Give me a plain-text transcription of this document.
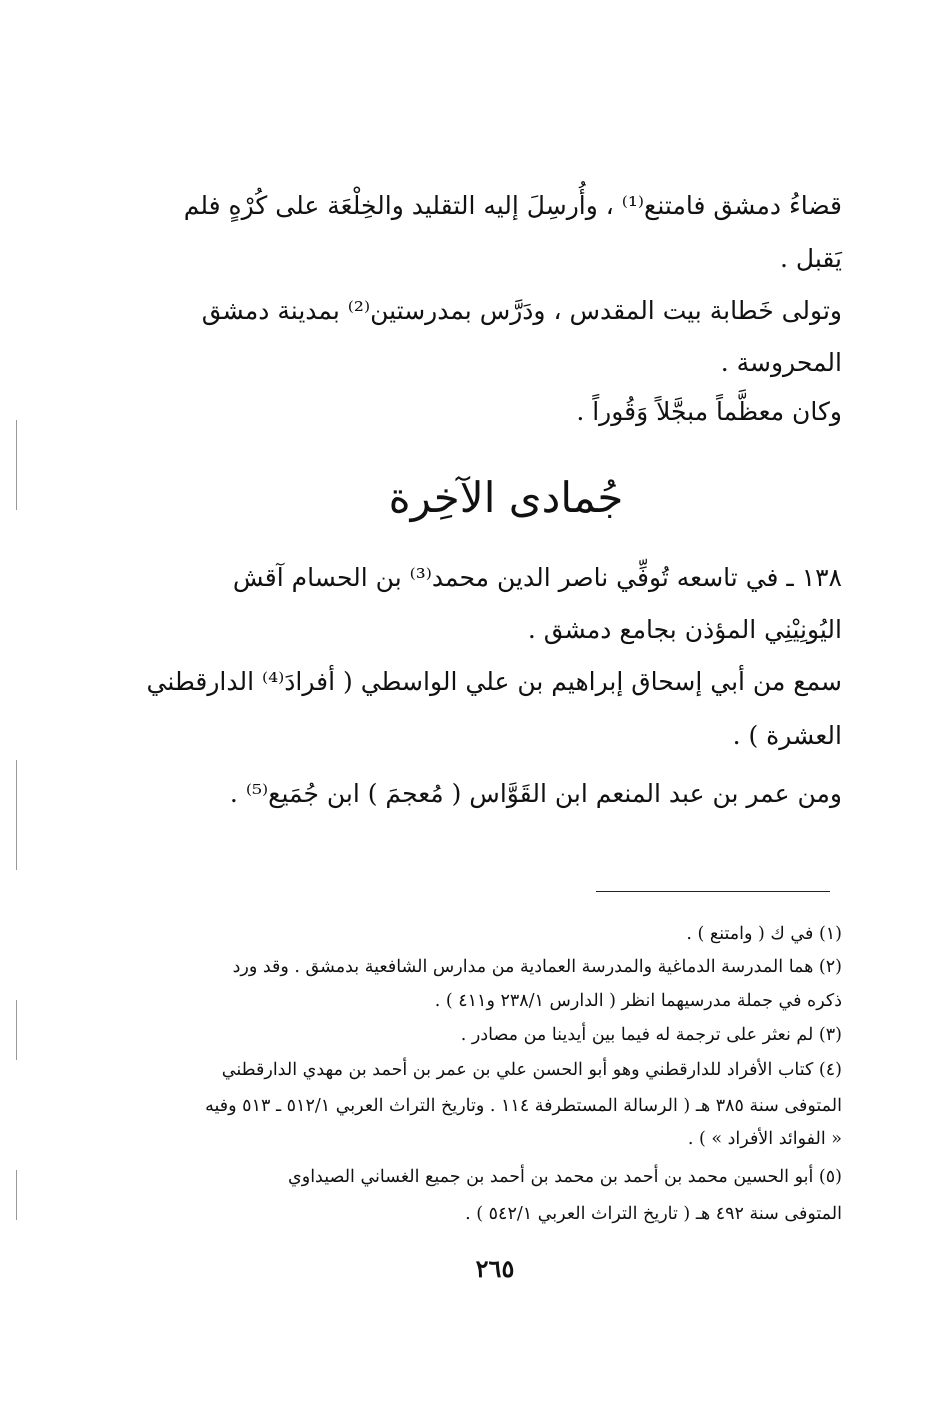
قضاءُ دمشق فامتنع⁽¹⁾ ، وأُرسِلَ إليه التقليد والخِلْعَة على كُرْهٍ فلم
يَقبل .
وتولى خَطابة بيت المقدس ، ودَرَّس بمدرستين⁽²⁾ بمدينة دمشق
المحروسة .
وكان معظَّماً مبجَّلاً وَقُوراً .
جُمادى الآخِرة
١٣٨ ـ في تاسعه تُوفِّي ناصر الدين محمد⁽³⁾ بن الحسام آقش
اليُونِيْنِي المؤذن بجامع دمشق .
سمع من أبي إسحاق إبراهيم بن علي الواسطي ( أفرادَ⁽⁴⁾ الدارقطني
العشرة ) .
ومن عمر بن عبد المنعم ابن القَوَّاس ( مُعجمَ ) ابن جُمَيع⁽⁵⁾ .
(١) في ك ( وامتنع ) .
(٢) هما المدرسة الدماغية والمدرسة العمادية من مدارس الشافعية بدمشق . وقد ورد
ذكره في جملة مدرسيهما انظر ( الدارس ٢٣٨/١ و٤١١ ) .
(٣) لم نعثر على ترجمة له فيما بين أيدينا من مصادر .
(٤) كتاب الأفراد للدارقطني وهو أبو الحسن علي بن عمر بن أحمد بن مهدي الدارقطني
المتوفى سنة ٣٨٥ هـ ( الرسالة المستطرفة ١١٤ . وتاريخ التراث العربي ٥١٢/١ ـ ٥١٣ وفيه
« الفوائد الأفراد » ) .
(٥) أبو الحسين محمد بن أحمد بن محمد بن أحمد بن جميع الغساني الصيداوي
المتوفى سنة ٤٩٢ هـ ( تاريخ التراث العربي ٥٤٢/١ ) .
٢٦٥
